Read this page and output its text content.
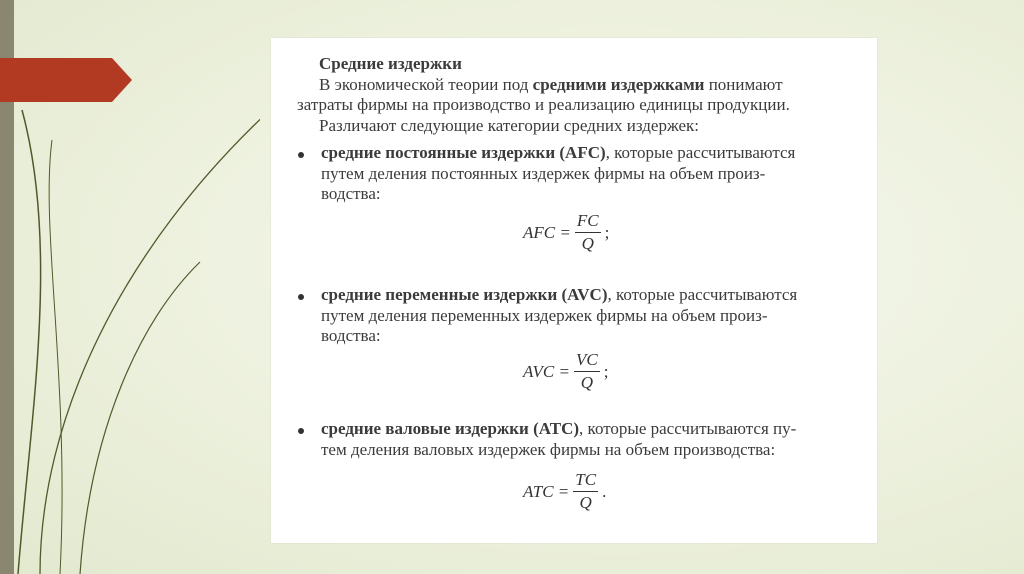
Средние издержки
В экономической теории под средними издержками понимают
затраты фирмы на производство и реализацию единицы продукции.
Различают следующие категории средних издержек:
средние постоянные издержки (AFC), которые рассчитываются
путем деления постоянных издержек фирмы на объем произ-
водства:
AFC = $\frac{FC}{Q}$ ;
средние переменные издержки (AVC), которые рассчитываются
путем деления переменных издержек фирмы на объем произ-
водства:
AVC = $\frac{VC}{Q}$ ;
средние валовые издержки (ATC), которые рассчитываются пу-
тем деления валовых издержек фирмы на объем производства:
ATC = $\frac{TC}{Q}$ .
